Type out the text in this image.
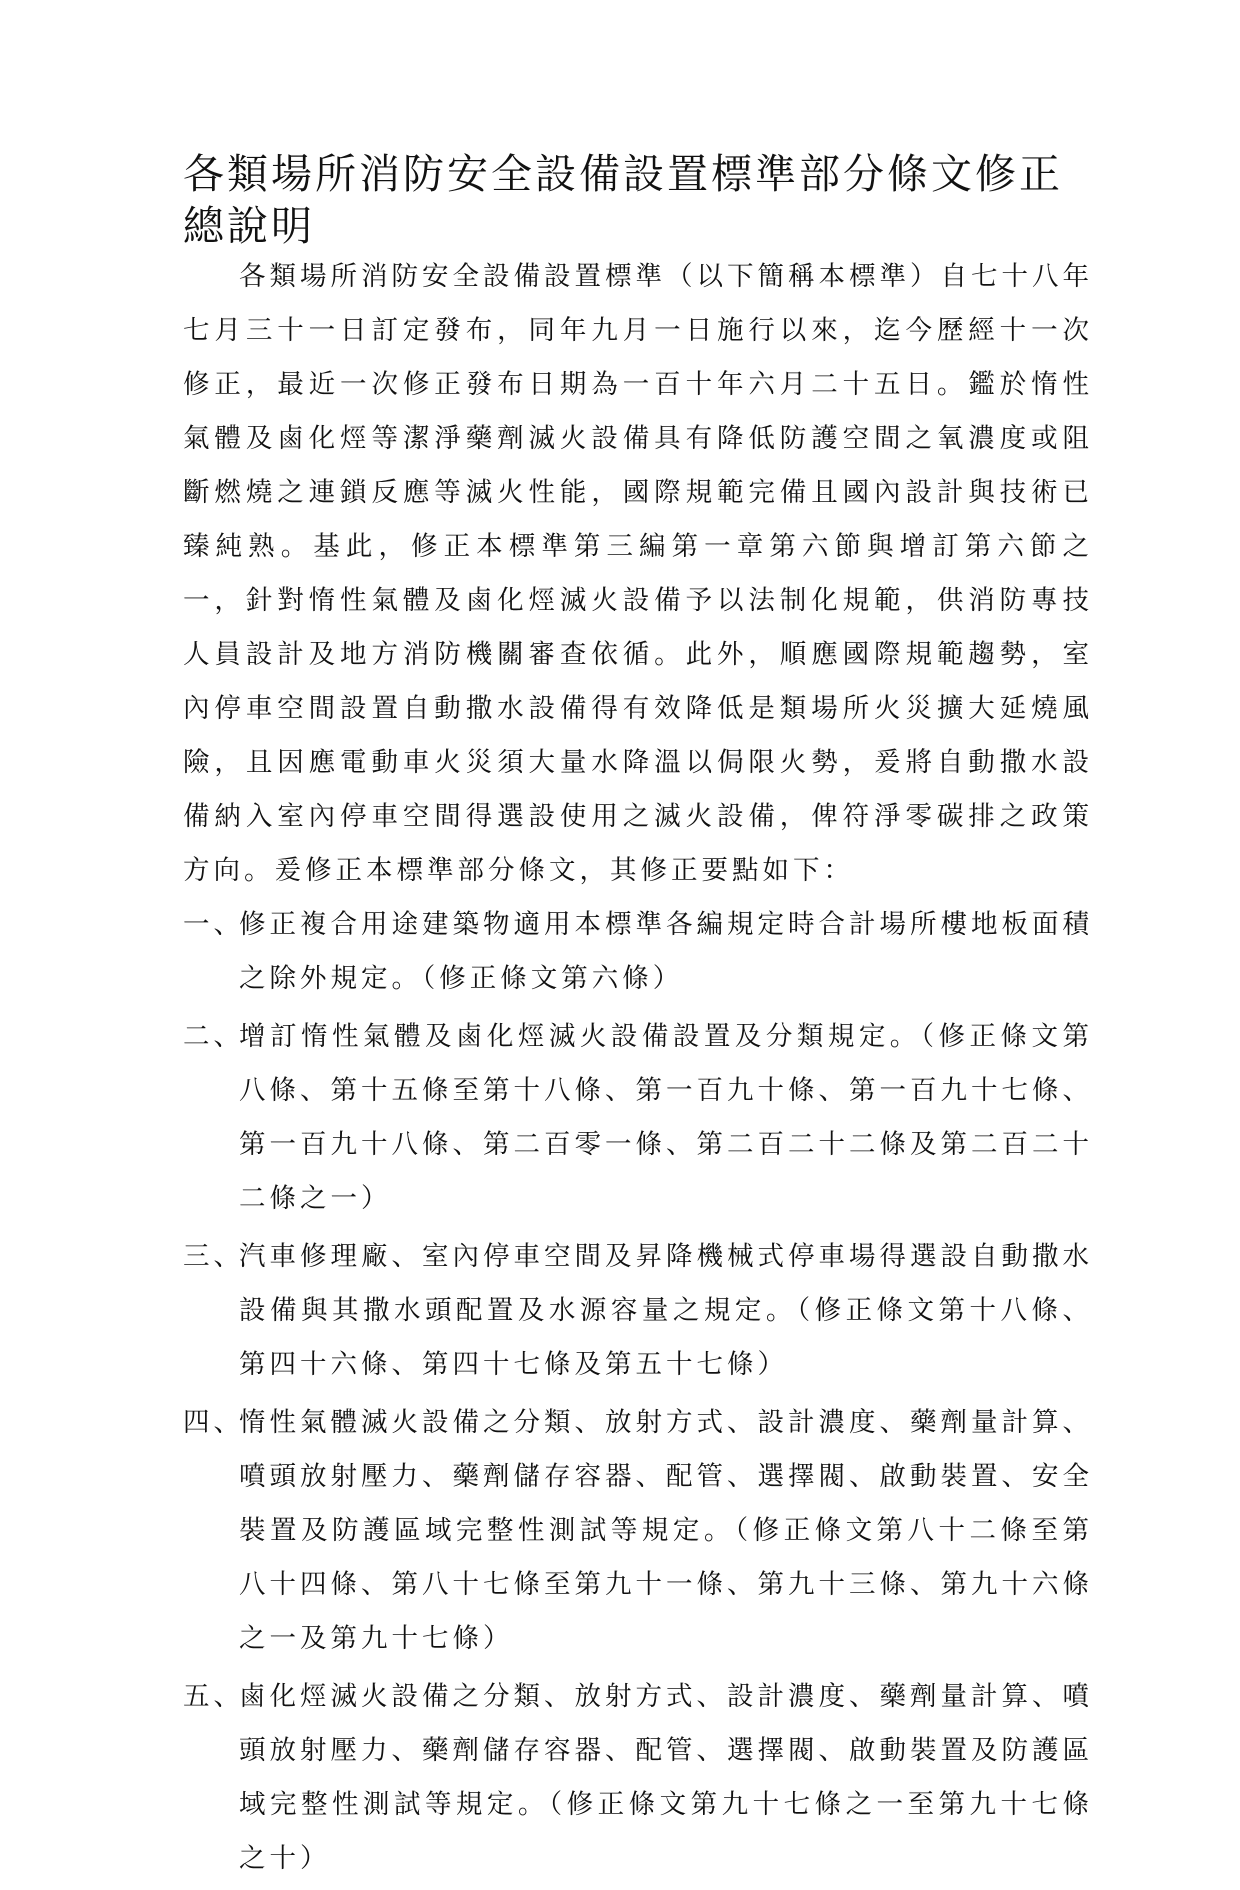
各類場所消防安全設備設置標準部分條文修正總說明

各類場所消防安全設備設置標準（以下簡稱本標準）自七十八年七月三十一日訂定發布，同年九月一日施行以來，迄今歷經十一次修正，最近一次修正發布日期為一百十年六月二十五日。鑑於惰性氣體及鹵化烴等潔淨藥劑滅火設備具有降低防護空間之氧濃度或阻斷燃燒之連鎖反應等滅火性能，國際規範完備且國內設計與技術已臻純熟。基此，修正本標準第三編第一章第六節與增訂第六節之一，針對惰性氣體及鹵化烴滅火設備予以法制化規範，供消防專技人員設計及地方消防機關審查依循。此外，順應國際規範趨勢，室內停車空間設置自動撒水設備得有效降低是類場所火災擴大延燒風險，且因應電動車火災須大量水降溫以侷限火勢，爰將自動撒水設備納入室內停車空間得選設使用之滅火設備，俾符淨零碳排之政策方向。爰修正本標準部分條文，其修正要點如下：

一、
修正複合用途建築物適用本標準各編規定時合計場所樓地板面積之除外規定。（修正條文第六條）
二、
增訂惰性氣體及鹵化烴滅火設備設置及分類規定。（修正條文第八條、第十五條至第十八條、第一百九十條、第一百九十七條、第一百九十八條、第二百零一條、第二百二十二條及第二百二十二條之一）
三、
汽車修理廠、室內停車空間及昇降機械式停車場得選設自動撒水設備與其撒水頭配置及水源容量之規定。（修正條文第十八條、第四十六條、第四十七條及第五十七條）
四、
惰性氣體滅火設備之分類、放射方式、設計濃度、藥劑量計算、噴頭放射壓力、藥劑儲存容器、配管、選擇閥、啟動裝置、安全裝置及防護區域完整性測試等規定。（修正條文第八十二條至第八十四條、第八十七條至第九十一條、第九十三條、第九十六條之一及第九十七條）
五、
鹵化烴滅火設備之分類、放射方式、設計濃度、藥劑量計算、噴頭放射壓力、藥劑儲存容器、配管、選擇閥、啟動裝置及防護區域完整性測試等規定。（修正條文第九十七條之一至第九十七條之十）
